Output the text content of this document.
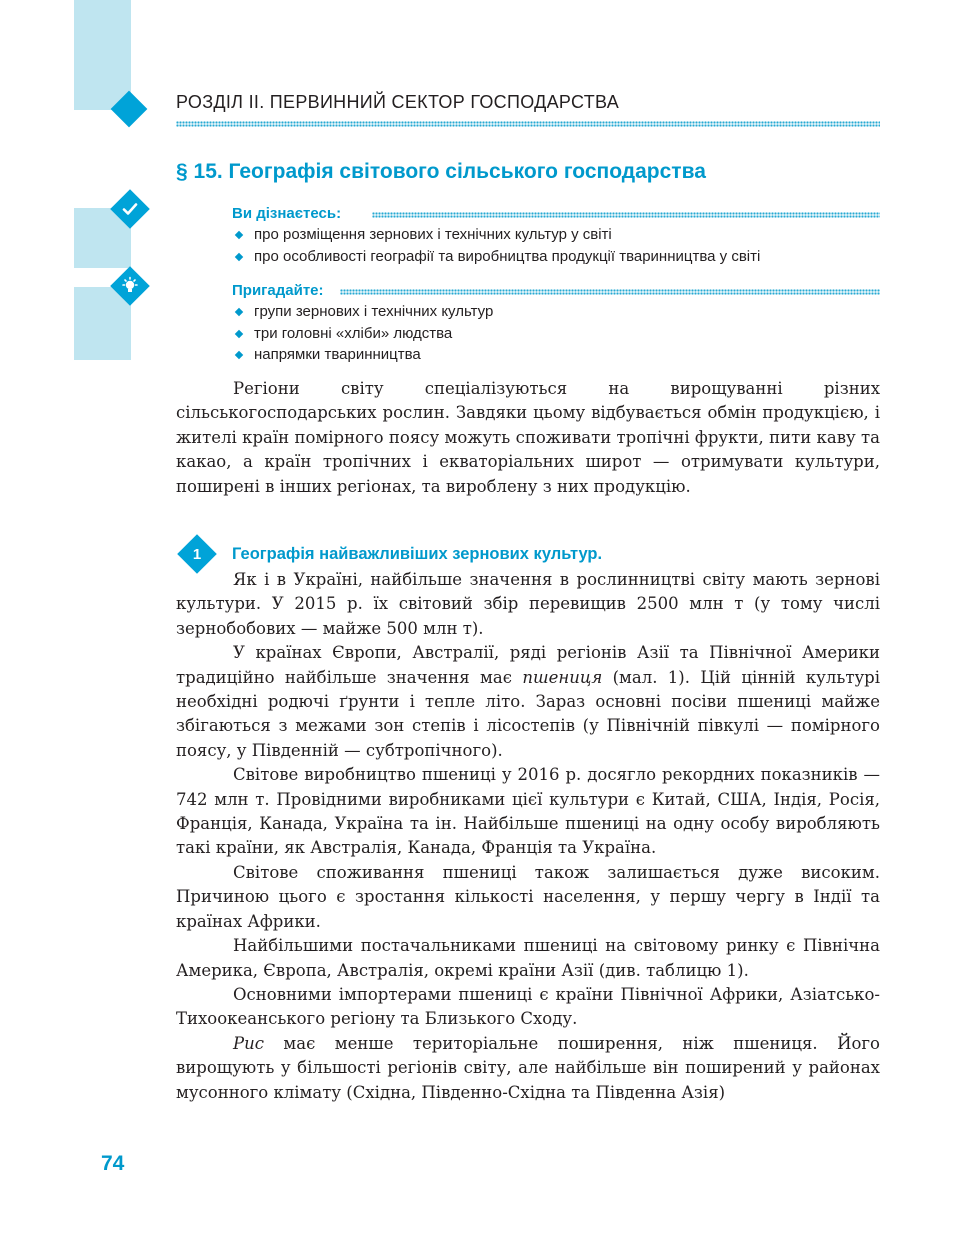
РОЗДІЛ ІІ. ПЕРВИННИЙ СЕКТОР ГОСПОДАРСТВА
§ 15. Географія світового сільського господарства
Ви дізнаєтесь:
про розміщення зернових і технічних культур у світі
про особливості географії та виробництва продукції тваринництва у світі
Пригадайте:
групи зернових і технічних культур
три головні «хліби» людства
напрямки тваринництва

Регіони світу спеціалізуються на вирощуванні різних сільськогосподарських рослин. Завдяки цьому відбувається обмін продукцією, і жителі країн помірного поясу можуть споживати тропічні фрукти, пити каву та какао, а країн тропічних і екваторіальних широт — отримувати культури, поширені в інших регіонах, та вироблену з них продукцію.

1	Географія найважливіших зернових культур.

Як і в Україні, найбільше значення в рослинництві світу мають зернові культури. У 2015 р. їх світовий збір перевищив 2500 млн т (у тому числі зернобобових — майже 500 млн т).

У країнах Європи, Австралії, ряді регіонів Азії та Північної Америки традиційно найбільше значення має пшениця (мал. 1). Цій цінній культурі необхідні родючі ґрунти і тепле літо. Зараз основні посіви пшениці майже збігаються з межами зон степів і лісостепів (у Північній півкулі — помірного поясу, у Південній — субтропічного).

Світове виробництво пшениці у 2016 р. досягло рекордних показників — 742 млн т. Провідними виробниками цієї культури є Китай, США, Індія, Росія, Франція, Канада, Україна та ін. Найбільше пшениці на одну особу виробляють такі країни, як Австралія, Канада, Франція та Україна.

Світове споживання пшениці також залишається дуже високим. Причиною цього є зростання кількості населення, у першу чергу в Індії та країнах Африки.

Найбільшими постачальниками пшениці на світовому ринку є Північна Америка, Європа, Австралія, окремі країни Азії (див. таблицю 1).

Основними імпортерами пшениці є країни Північної Африки, Азіатсько-Тихоокеанського регіону та Близького Сходу.

Рис має менше територіальне поширення, ніж пшениця. Його вирощують у більшості регіонів світу, але найбільше він поширений у районах мусонного клімату (Східна, Південно-Східна та Південна Азія)

74
